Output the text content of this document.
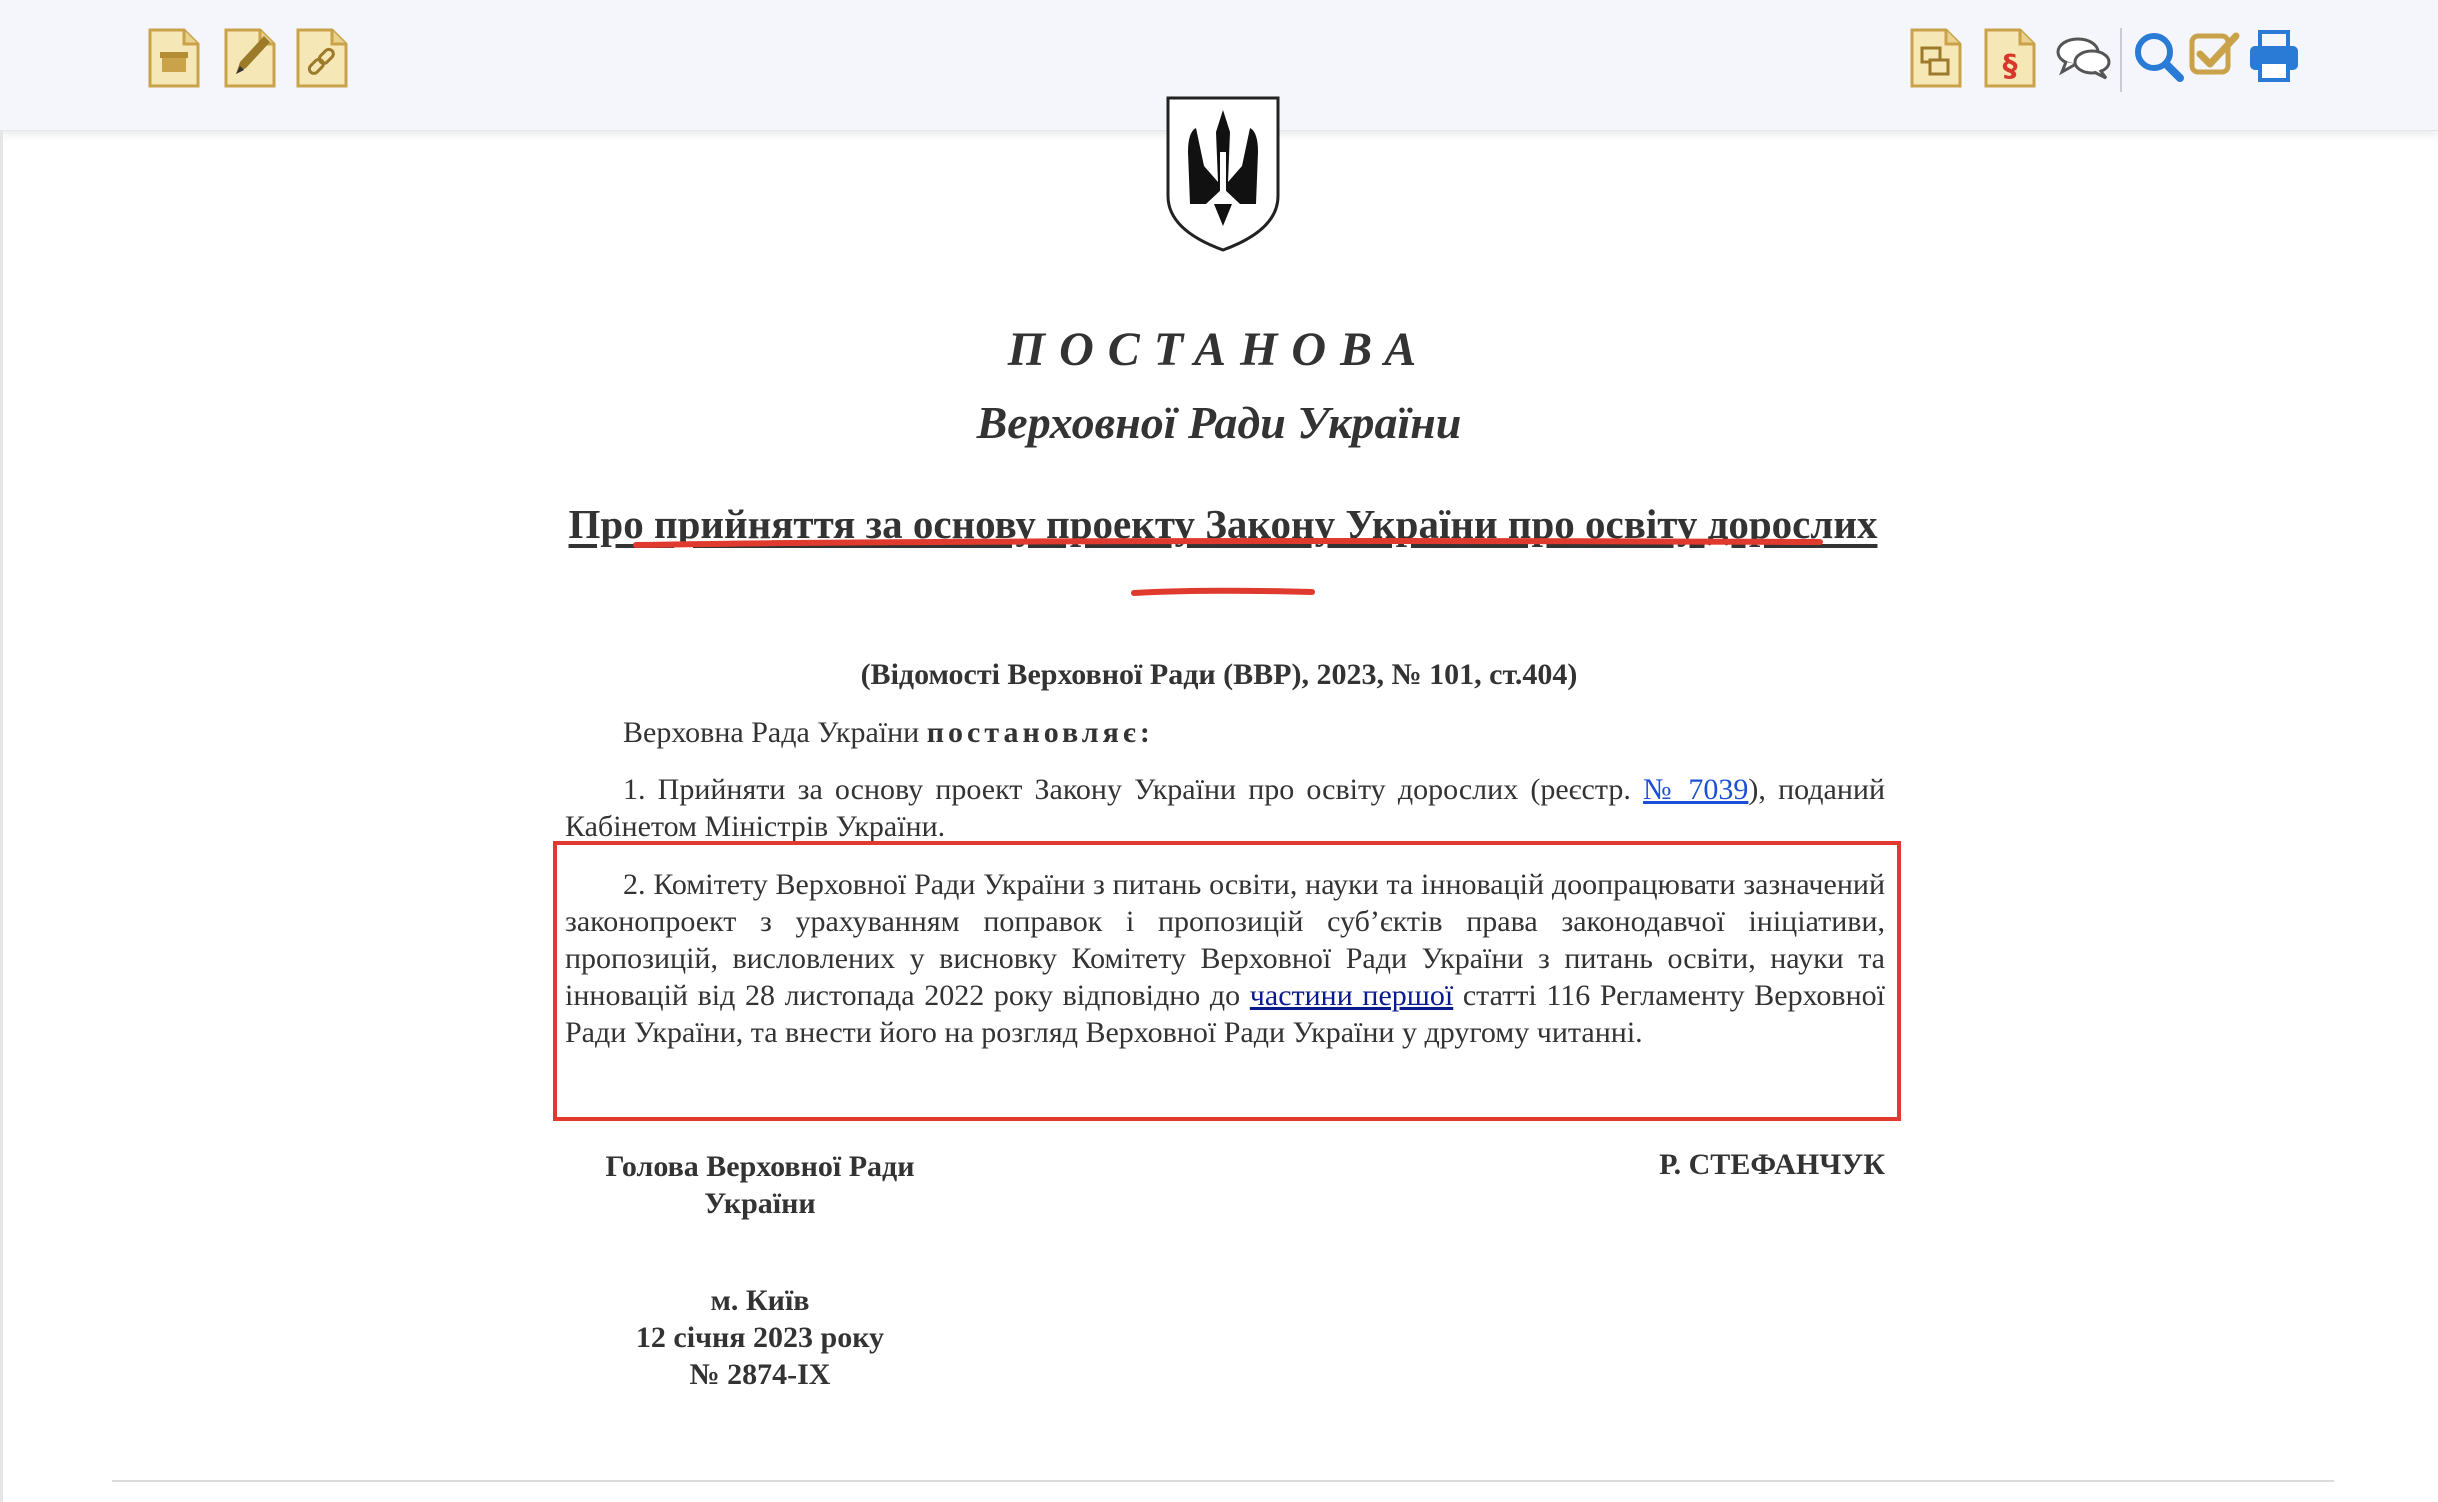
§
ПОСТАНОВА
Верховної Ради України
Про прийняття за основу проекту Закону України про освіту дорослих
(Відомості Верховної Ради (ВВР), 2023, № 101, ст.404)
Верховна Рада України постановляє:
1. Прийняти за основу проект Закону України про освіту дорослих (реєстр. № 7039), поданий Кабінетом Міністрів України.
2. Комітету Верховної Ради України з питань освіти, науки та інновацій доопрацювати зазначений законопроект з урахуванням поправок і пропозицій суб’єктів права законодавчої ініціативи, пропозицій, висловлених у висновку Комітету Верховної Ради України з питань освіти, науки та інновацій від 28 листопада 2022 року відповідно до частини першої статті 116 Регламенту Верховної Ради України, та внести його на розгляд Верховної Ради України у другому читанні.
Голова Верховної Ради
України
Р. СТЕФАНЧУК
м. Київ
12 січня 2023 року
№ 2874-IX
